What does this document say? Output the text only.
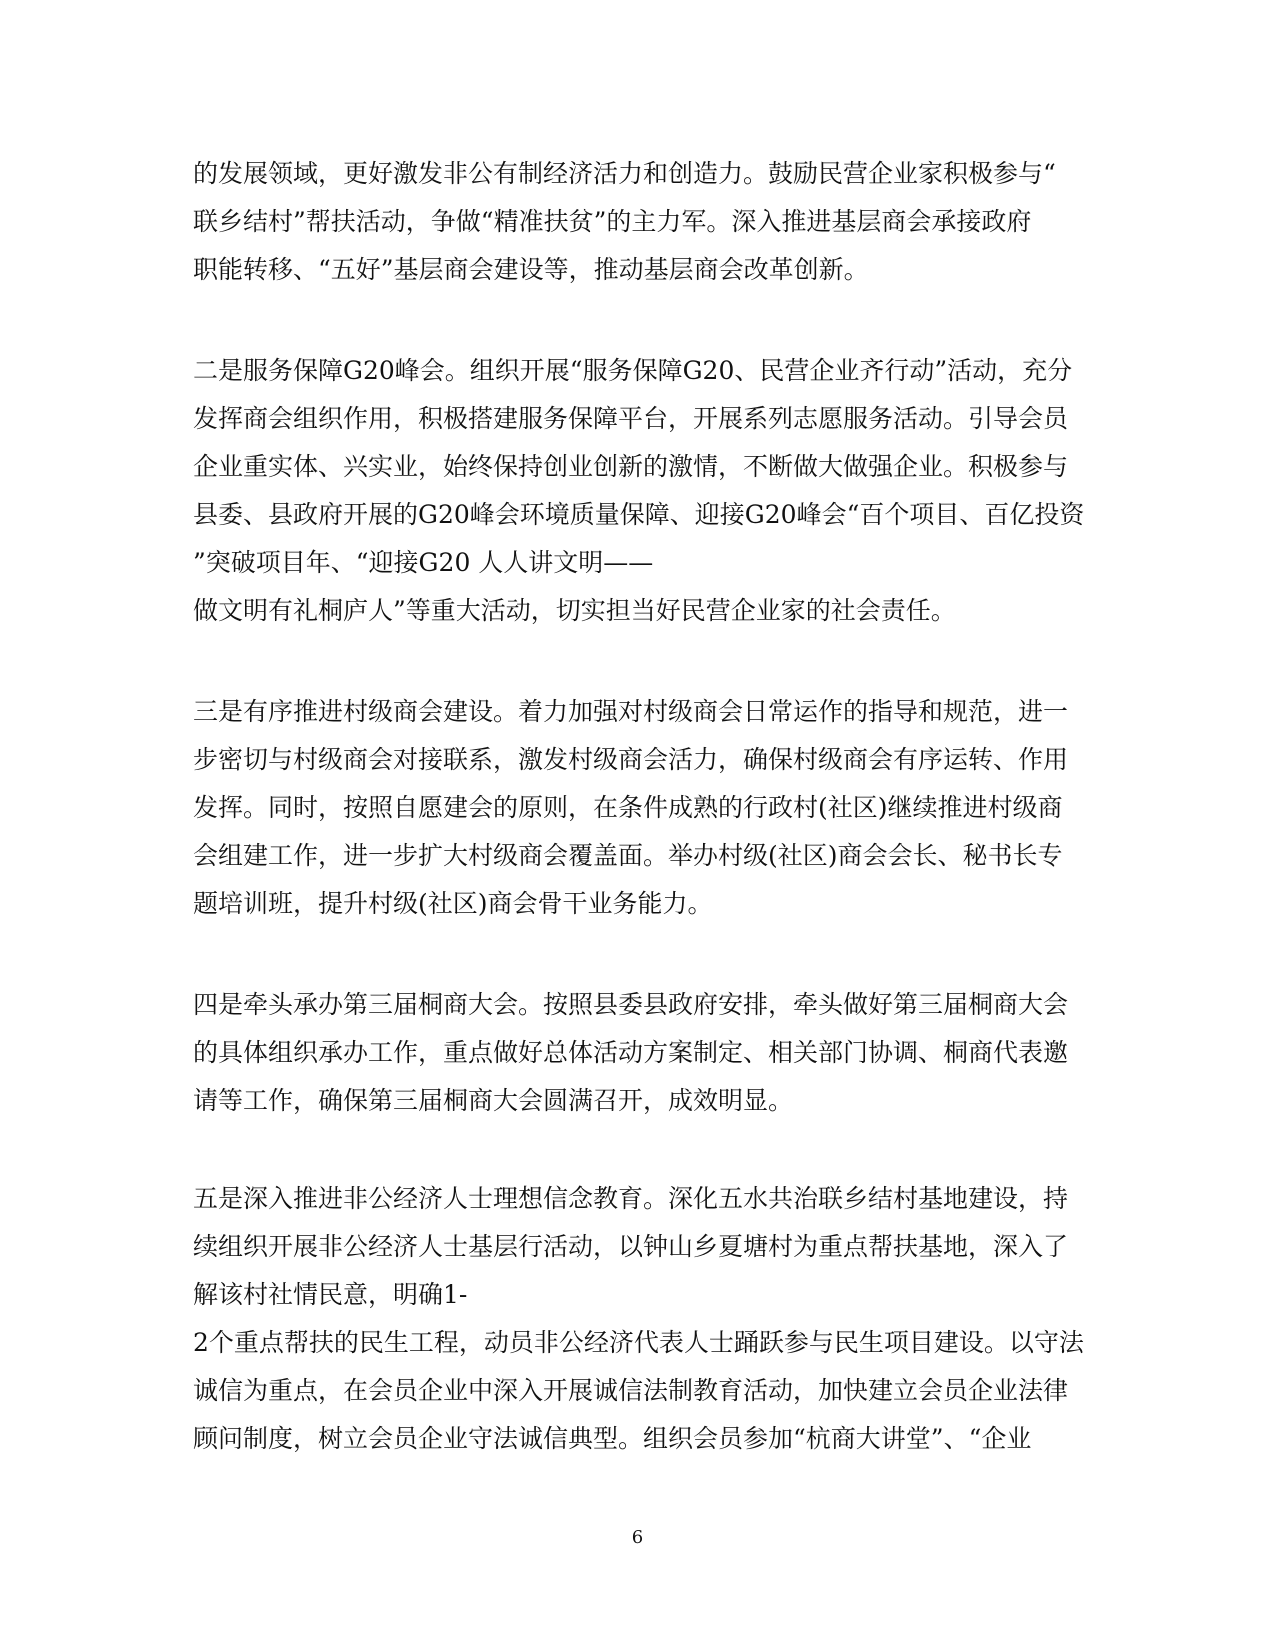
的发展领域，更好激发非公有制经济活力和创造力。鼓励民营企业家积极参与“
联乡结村”帮扶活动，争做“精准扶贫”的主力军。深入推进基层商会承接政府
职能转移、“五好”基层商会建设等，推动基层商会改革创新。
二是服务保障G20峰会。组织开展“服务保障G20、民营企业齐行动”活动，充分
发挥商会组织作用，积极搭建服务保障平台，开展系列志愿服务活动。引导会员
企业重实体、兴实业，始终保持创业创新的激情，不断做大做强企业。积极参与
县委、县政府开展的G20峰会环境质量保障、迎接G20峰会“百个项目、百亿投资
”突破项目年、“迎接G20 人人讲文明——
做文明有礼桐庐人”等重大活动，切实担当好民营企业家的社会责任。
三是有序推进村级商会建设。着力加强对村级商会日常运作的指导和规范，进一
步密切与村级商会对接联系，激发村级商会活力，确保村级商会有序运转、作用
发挥。同时，按照自愿建会的原则，在条件成熟的行政村(社区)继续推进村级商
会组建工作，进一步扩大村级商会覆盖面。举办村级(社区)商会会长、秘书长专
题培训班，提升村级(社区)商会骨干业务能力。
四是牵头承办第三届桐商大会。按照县委县政府安排，牵头做好第三届桐商大会
的具体组织承办工作，重点做好总体活动方案制定、相关部门协调、桐商代表邀
请等工作，确保第三届桐商大会圆满召开，成效明显。
五是深入推进非公经济人士理想信念教育。深化五水共治联乡结村基地建设，持
续组织开展非公经济人士基层行活动，以钟山乡夏塘村为重点帮扶基地，深入了
解该村社情民意，明确1-
2个重点帮扶的民生工程，动员非公经济代表人士踊跃参与民生项目建设。以守法
诚信为重点，在会员企业中深入开展诚信法制教育活动，加快建立会员企业法律
顾问制度，树立会员企业守法诚信典型。组织会员参加“杭商大讲堂”、“企业
6
